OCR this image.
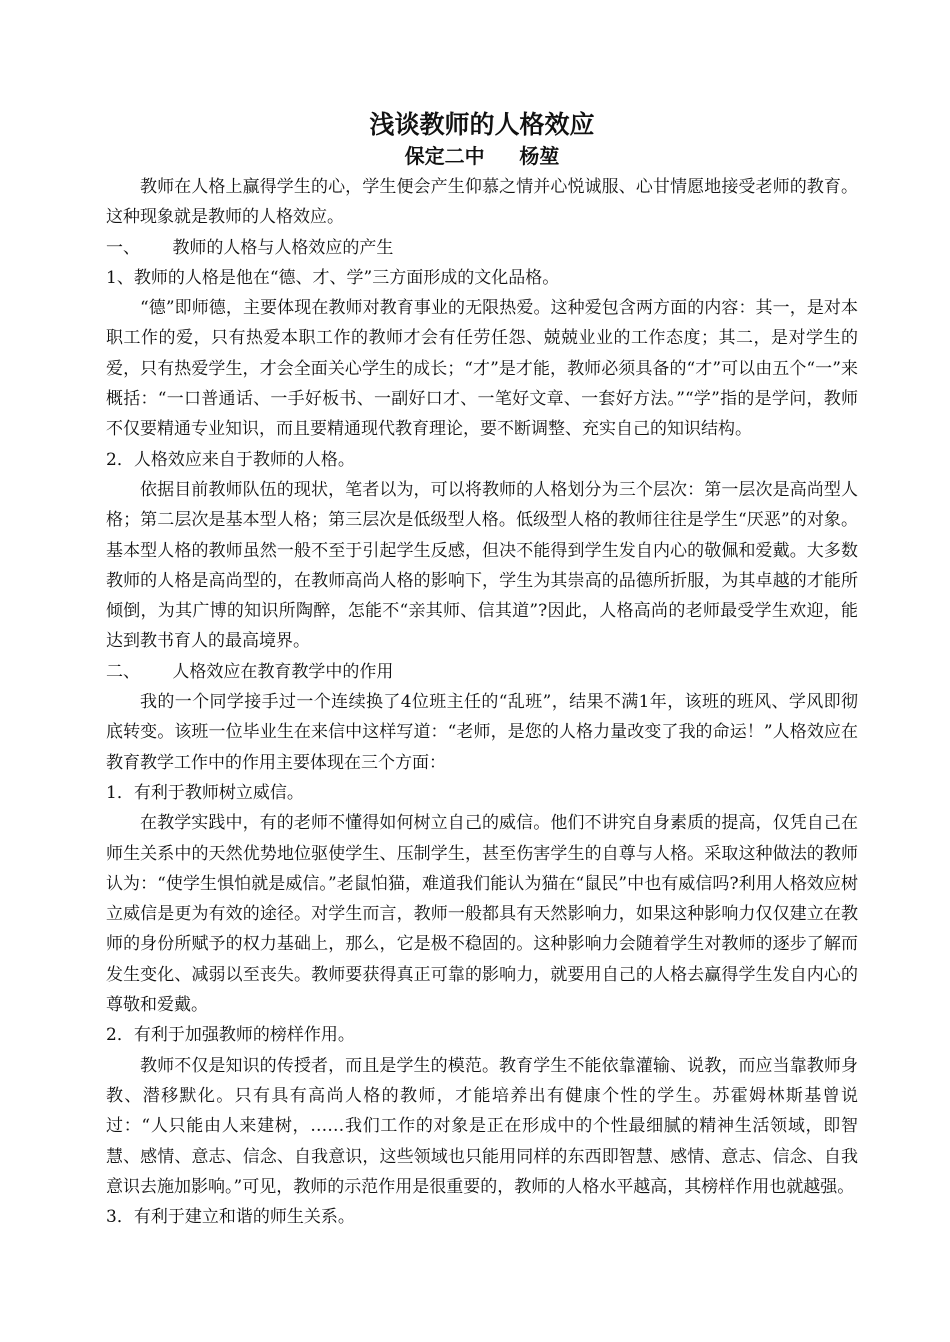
浅谈教师的人格效应
保定二中     杨堃

教师在人格上赢得学生的心，学生便会产生仰慕之情并心悦诚服、心甘情愿地接受老师的教育。这种现象就是教师的人格效应。

一、      教师的人格与人格效应的产生

1、教师的人格是他在“德、才、学”三方面形成的文化品格。

“德”即师德，主要体现在教师对教育事业的无限热爱。这种爱包含两方面的内容：其一，是对本职工作的爱，只有热爱本职工作的教师才会有任劳任怨、兢兢业业的工作态度；其二，是对学生的爱，只有热爱学生，才会全面关心学生的成长；“才”是才能，教师必须具备的“才”可以由五个“一”来概括：“一口普通话、一手好板书、一副好口才、一笔好文章、一套好方法。”“学”指的是学问，教师不仅要精通专业知识，而且要精通现代教育理论，要不断调整、充实自己的知识结构。

2．人格效应来自于教师的人格。

依据目前教师队伍的现状，笔者以为，可以将教师的人格划分为三个层次：第一层次是高尚型人格；第二层次是基本型人格；第三层次是低级型人格。低级型人格的教师往往是学生“厌恶”的对象。基本型人格的教师虽然一般不至于引起学生反感，但决不能得到学生发自内心的敬佩和爱戴。大多数教师的人格是高尚型的，在教师高尚人格的影响下，学生为其崇高的品德所折服，为其卓越的才能所倾倒，为其广博的知识所陶醉，怎能不“亲其师、信其道”?因此，人格高尚的老师最受学生欢迎，能达到教书育人的最高境界。

二、      人格效应在教育教学中的作用

我的一个同学接手过一个连续换了4位班主任的“乱班”，结果不满1年，该班的班风、学风即彻底转变。该班一位毕业生在来信中这样写道：“老师，是您的人格力量改变了我的命运！”人格效应在教育教学工作中的作用主要体现在三个方面：

1．有利于教师树立威信。

在教学实践中，有的老师不懂得如何树立自己的威信。他们不讲究自身素质的提高，仅凭自己在师生关系中的天然优势地位驱使学生、压制学生，甚至伤害学生的自尊与人格。采取这种做法的教师认为：“使学生惧怕就是威信。”老鼠怕猫，难道我们能认为猫在“鼠民”中也有威信吗?利用人格效应树立威信是更为有效的途径。对学生而言，教师一般都具有天然影响力，如果这种影响力仅仅建立在教师的身份所赋予的权力基础上，那么，它是极不稳固的。这种影响力会随着学生对教师的逐步了解而发生变化、减弱以至丧失。教师要获得真正可靠的影响力，就要用自己的人格去赢得学生发自内心的尊敬和爱戴。

2．有利于加强教师的榜样作用。

教师不仅是知识的传授者，而且是学生的模范。教育学生不能依靠灌输、说教，而应当靠教师身教、潜移默化。只有具有高尚人格的教师，才能培养出有健康个性的学生。苏霍姆林斯基曾说过：“人只能由人来建树，……我们工作的对象是正在形成中的个性最细腻的精神生活领域，即智慧、感情、意志、信念、自我意识，这些领域也只能用同样的东西即智慧、感情、意志、信念、自我意识去施加影响。”可见，教师的示范作用是很重要的，教师的人格水平越高，其榜样作用也就越强。

3．有利于建立和谐的师生关系。
